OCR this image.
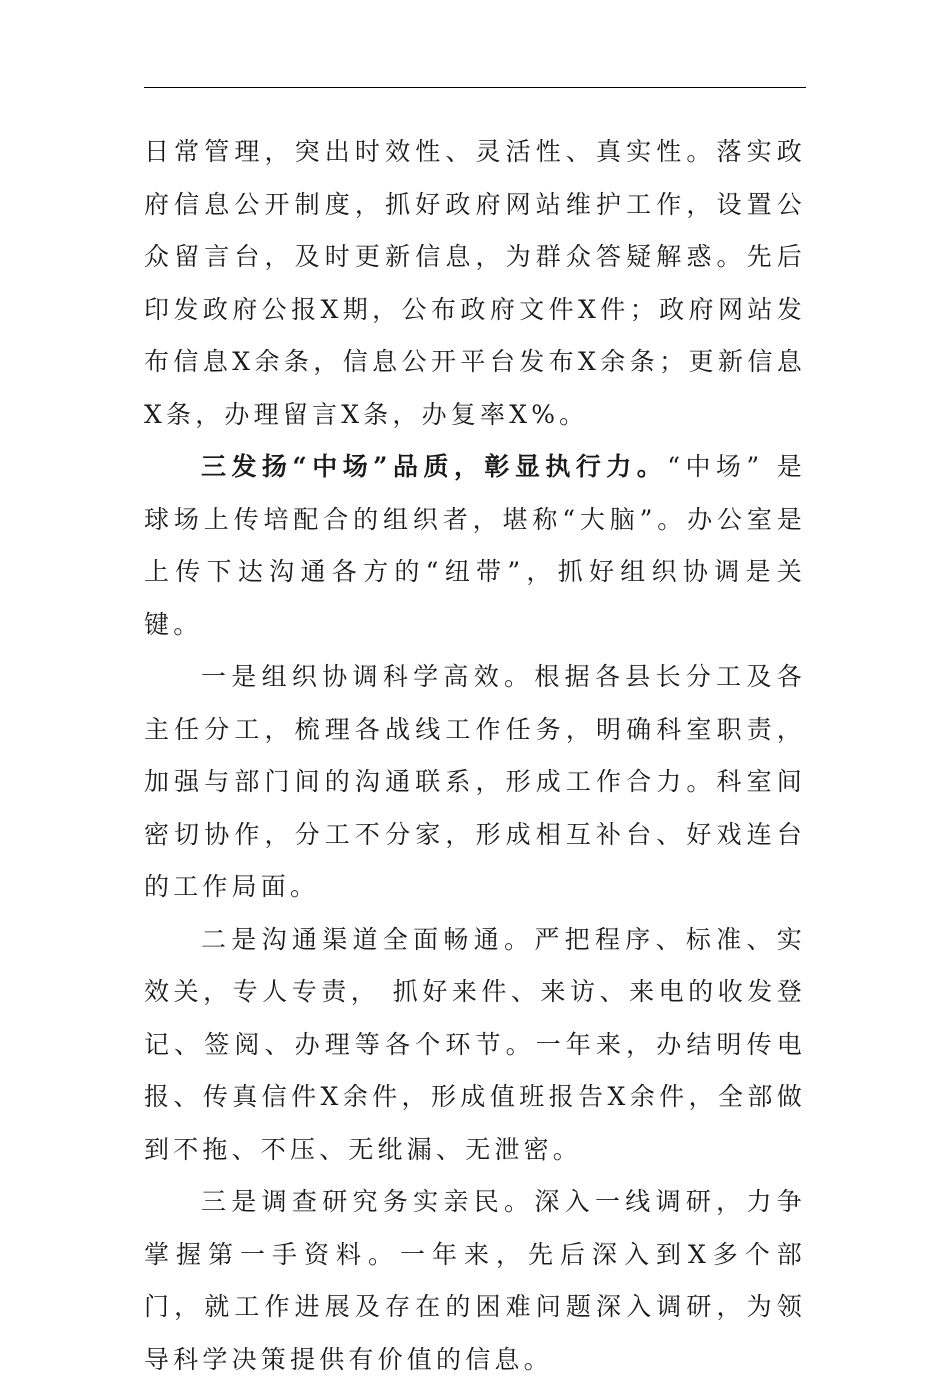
日常管理，突出时效性、灵活性、真实性。落实政府信息公开制度，抓好政府网站维护工作，设置公众留言台，及时更新信息，为群众答疑解惑。先后印发政府公报X期，公布政府文件X件；政府网站发布信息X余条，信息公开平台发布X余条；更新信息X条，办理留言X条，办复率X%。

三发扬“中场”品质，彰显执行力。“中场” 是球场上传培配合的组织者，堪称“大脑”。办公室是上传下达沟通各方的“纽带”，抓好组织协调是关键。

一是组织协调科学高效。根据各县长分工及各主任分工，梳理各战线工作任务，明确科室职责，加强与部门间的沟通联系，形成工作合力。科室间密切协作，分工不分家，形成相互补台、好戏连台的工作局面。

二是沟通渠道全面畅通。严把程序、标准、实效关，专人专责， 抓好来件、来访、来电的收发登记、签阅、办理等各个环节。一年来，办结明传电报、传真信件X余件，形成值班报告X余件，全部做到不拖、不压、无纰漏、无泄密。

三是调查研究务实亲民。深入一线调研，力争掌握第一手资料。一年来，先后深入到X多个部门，就工作进展及存在的困难问题深入调研，为领导科学决策提供有价值的信息。
